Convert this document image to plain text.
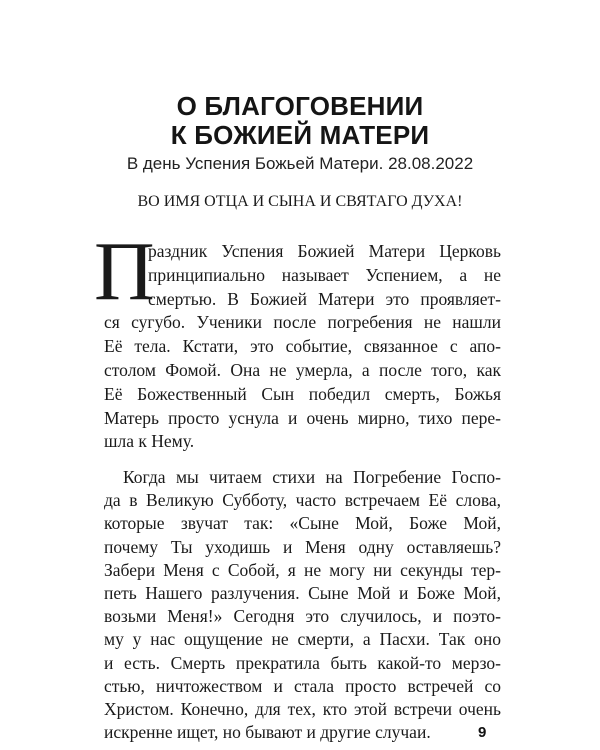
О БЛАГОГОВЕНИИ
К БОЖИЕЙ МАТЕРИ
В день Успения Божьей Матери. 28.08.2022
ВО ИМЯ ОТЦА И СЫНА И СВЯТАГО ДУХА!
П
раздник Успения Божией Матери Церковь
принципиально называет Успением, а не
смертью. В Божией Матери это проявляет-
ся сугубо. Ученики после погребения не нашли
Её тела. Кстати, это событие, связанное с апо-
столом Фомой. Она не умерла, а после того, как
Её Божественный Сын победил смерть, Божья
Матерь просто уснула и очень мирно, тихо пере-
шла к Нему.
Когда мы читаем стихи на Погребение Госпо-
да в Великую Субботу, часто встречаем Её слова,
которые звучат так: «Сыне Мой, Боже Мой,
почему Ты уходишь и Меня одну оставляешь?
Забери Меня с Собой, я не могу ни секунды тер-
петь Нашего разлучения. Сыне Мой и Боже Мой,
возьми Меня!» Сегодня это случилось, и поэто-
му у нас ощущение не смерти, а Пасхи. Так оно
и есть. Смерть прекратила быть какой-то мерзо-
стью, ничтожеством и стала просто встречей со
Христом. Конечно, для тех, кто этой встречи очень
искренне ищет, но бывают и другие случаи.	9
